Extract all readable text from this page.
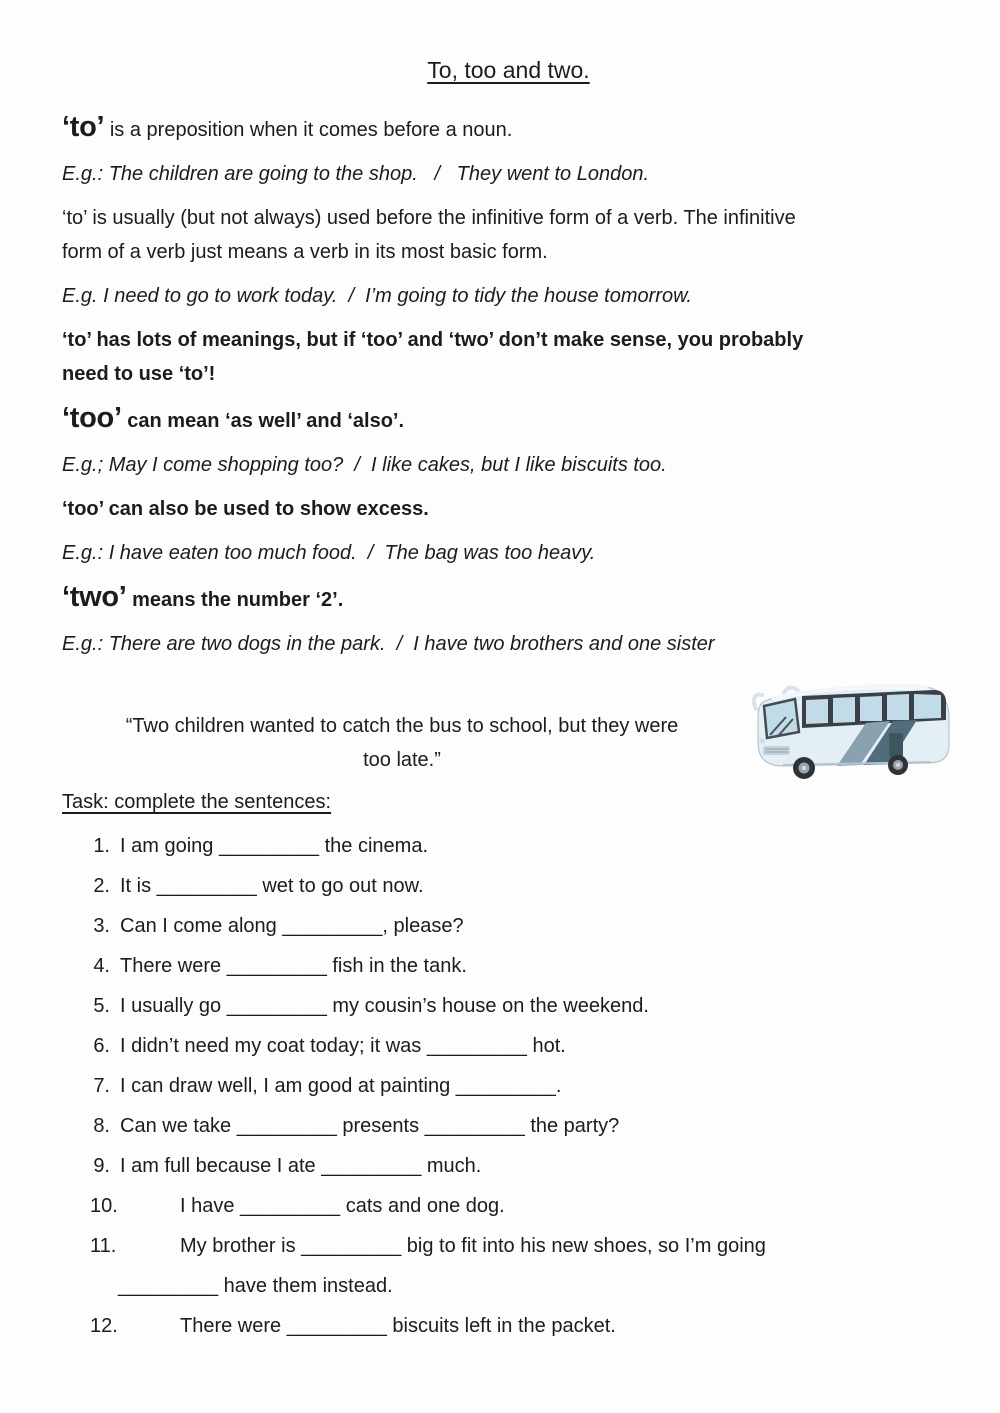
To, too and two.

‘to’ is a preposition when it comes before a noun.

E.g.: The children are going to the shop.   /   They went to London.

‘to’ is usually (but not always) used before the infinitive form of a verb. The infinitive
form of a verb just means a verb in its most basic form.

E.g. I need to go to work today.  /  I’m going to tidy the house tomorrow.

‘to’ has lots of meanings, but if ‘too’ and ‘two’ don’t make sense, you probably
need to use ‘to’!

‘too’ can mean ‘as well’ and ‘also’.

E.g.; May I come shopping too?  /  I like cakes, but I like biscuits too.

‘too’ can also be used to show excess.

E.g.: I have eaten too much food.  /  The bag was too heavy.

‘two’ means the number ‘2’.

E.g.: There are two dogs in the park.  /  I have two brothers and one sister

“Two children wanted to catch the bus to school, but they were
too late.”
Task: complete the sentences:
1. I am going _________ the cinema.
2. It is _________ wet to go out now.
3. Can I come along _________, please?
4. There were _________ fish in the tank.
5. I usually go _________ my cousin’s house on the weekend.
6. I didn’t need my coat today; it was _________ hot.
7. I can draw well, I am good at painting _________.
8. Can we take _________ presents _________ the party?
9. I am full because I ate _________ much.
10.	I have _________ cats and one dog.
11.	My brother is _________ big to fit into his new shoes, so I’m going
_________ have them instead.
12.	There were _________ biscuits left in the packet.
